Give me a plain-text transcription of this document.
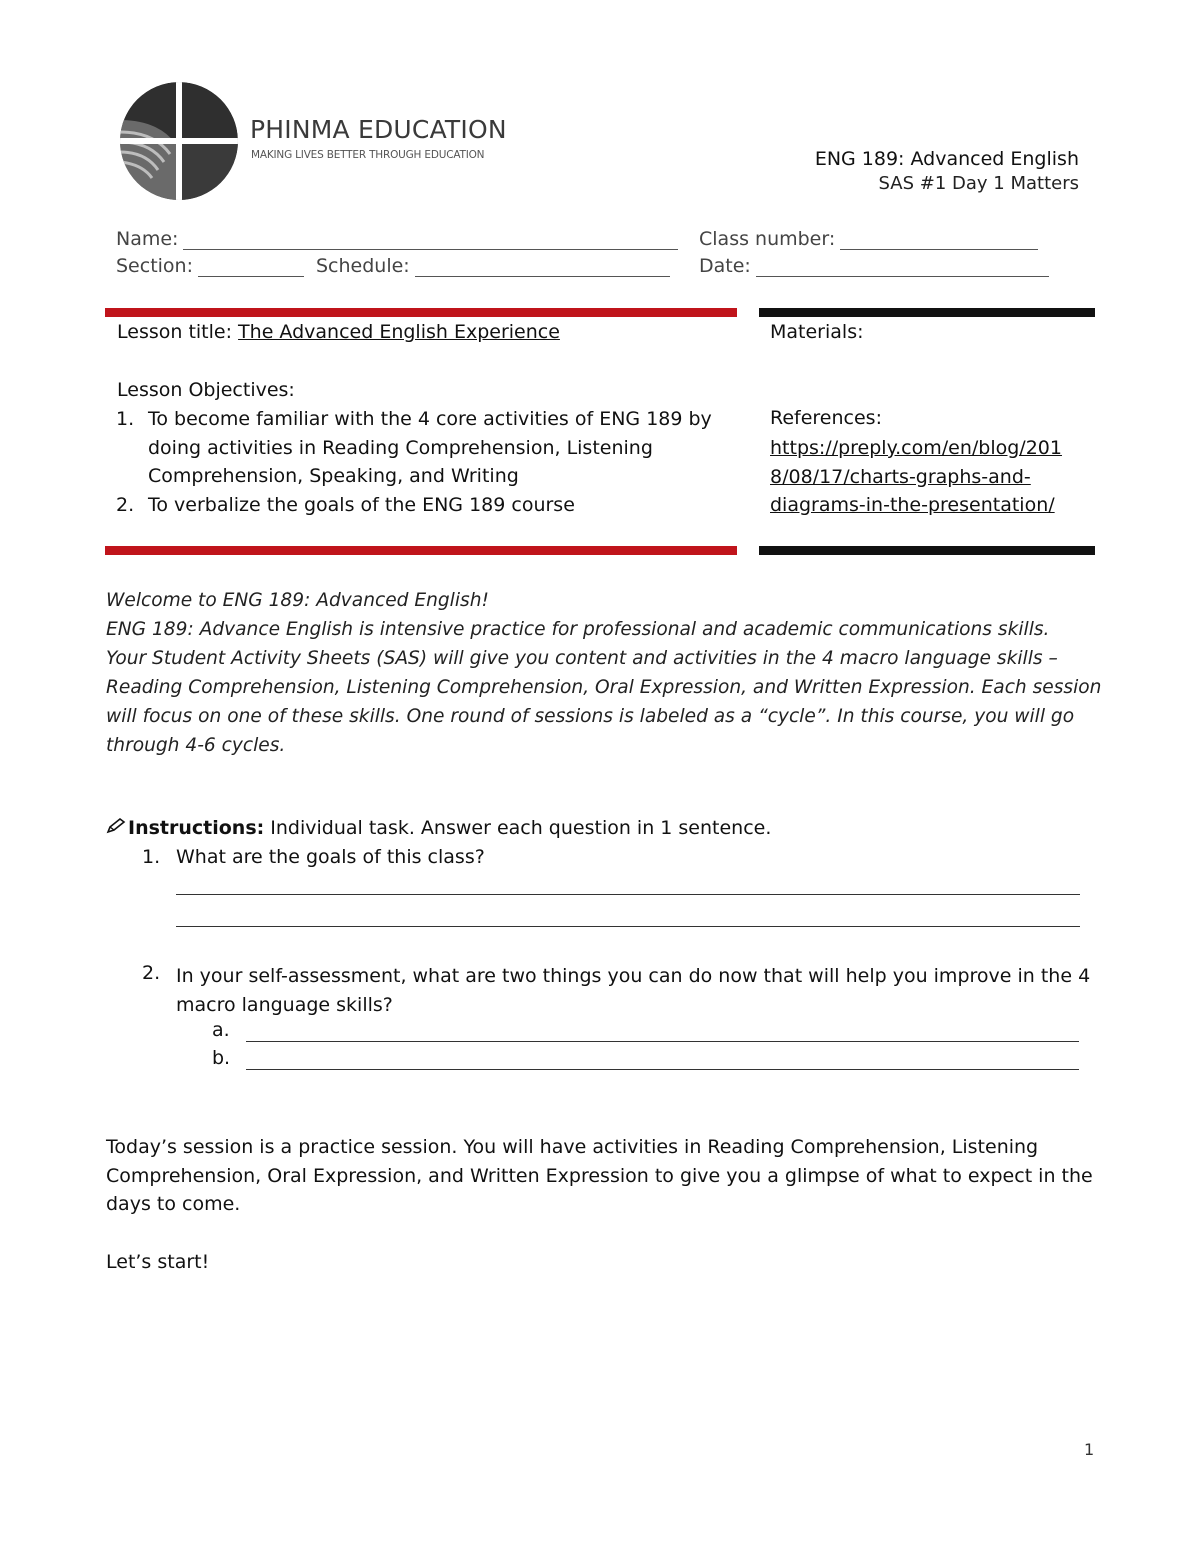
PHINMA EDUCATION
MAKING LIVES BETTER THROUGH EDUCATION	ENG 189: Advanced English
SAS #1 Day 1 Matters
Name:	Class number:
Section:	Schedule:	Date:
Lesson title: The Advanced English Experience
Lesson Objectives:
1. To become familiar with the 4 core activities of ENG 189 by
doing activities in Reading Comprehension, Listening
Comprehension, Speaking, and Writing
2. To verbalize the goals of the ENG 189 course
Materials:
References:
https://preply.com/en/blog/201
8/08/17/charts-graphs-and-
diagrams-in-the-presentation/
Welcome to ENG 189: Advanced English!
ENG 189: Advance English is intensive practice for professional and academic communications skills.
Your Student Activity Sheets (SAS) will give you content and activities in the 4 macro language skills –
Reading Comprehension, Listening Comprehension, Oral Expression, and Written Expression. Each session
will focus on one of these skills. One round of sessions is labeled as a “cycle”. In this course, you will go
through 4-6 cycles.
Instructions: Individual task. Answer each question in 1 sentence.
1. What are the goals of this class?
2. In your self-assessment, what are two things you can do now that will help you improve in the 4
macro language skills?
a.
b.
Today’s session is a practice session. You will have activities in Reading Comprehension, Listening
Comprehension, Oral Expression, and Written Expression to give you a glimpse of what to expect in the
days to come.
Let’s start!
1
